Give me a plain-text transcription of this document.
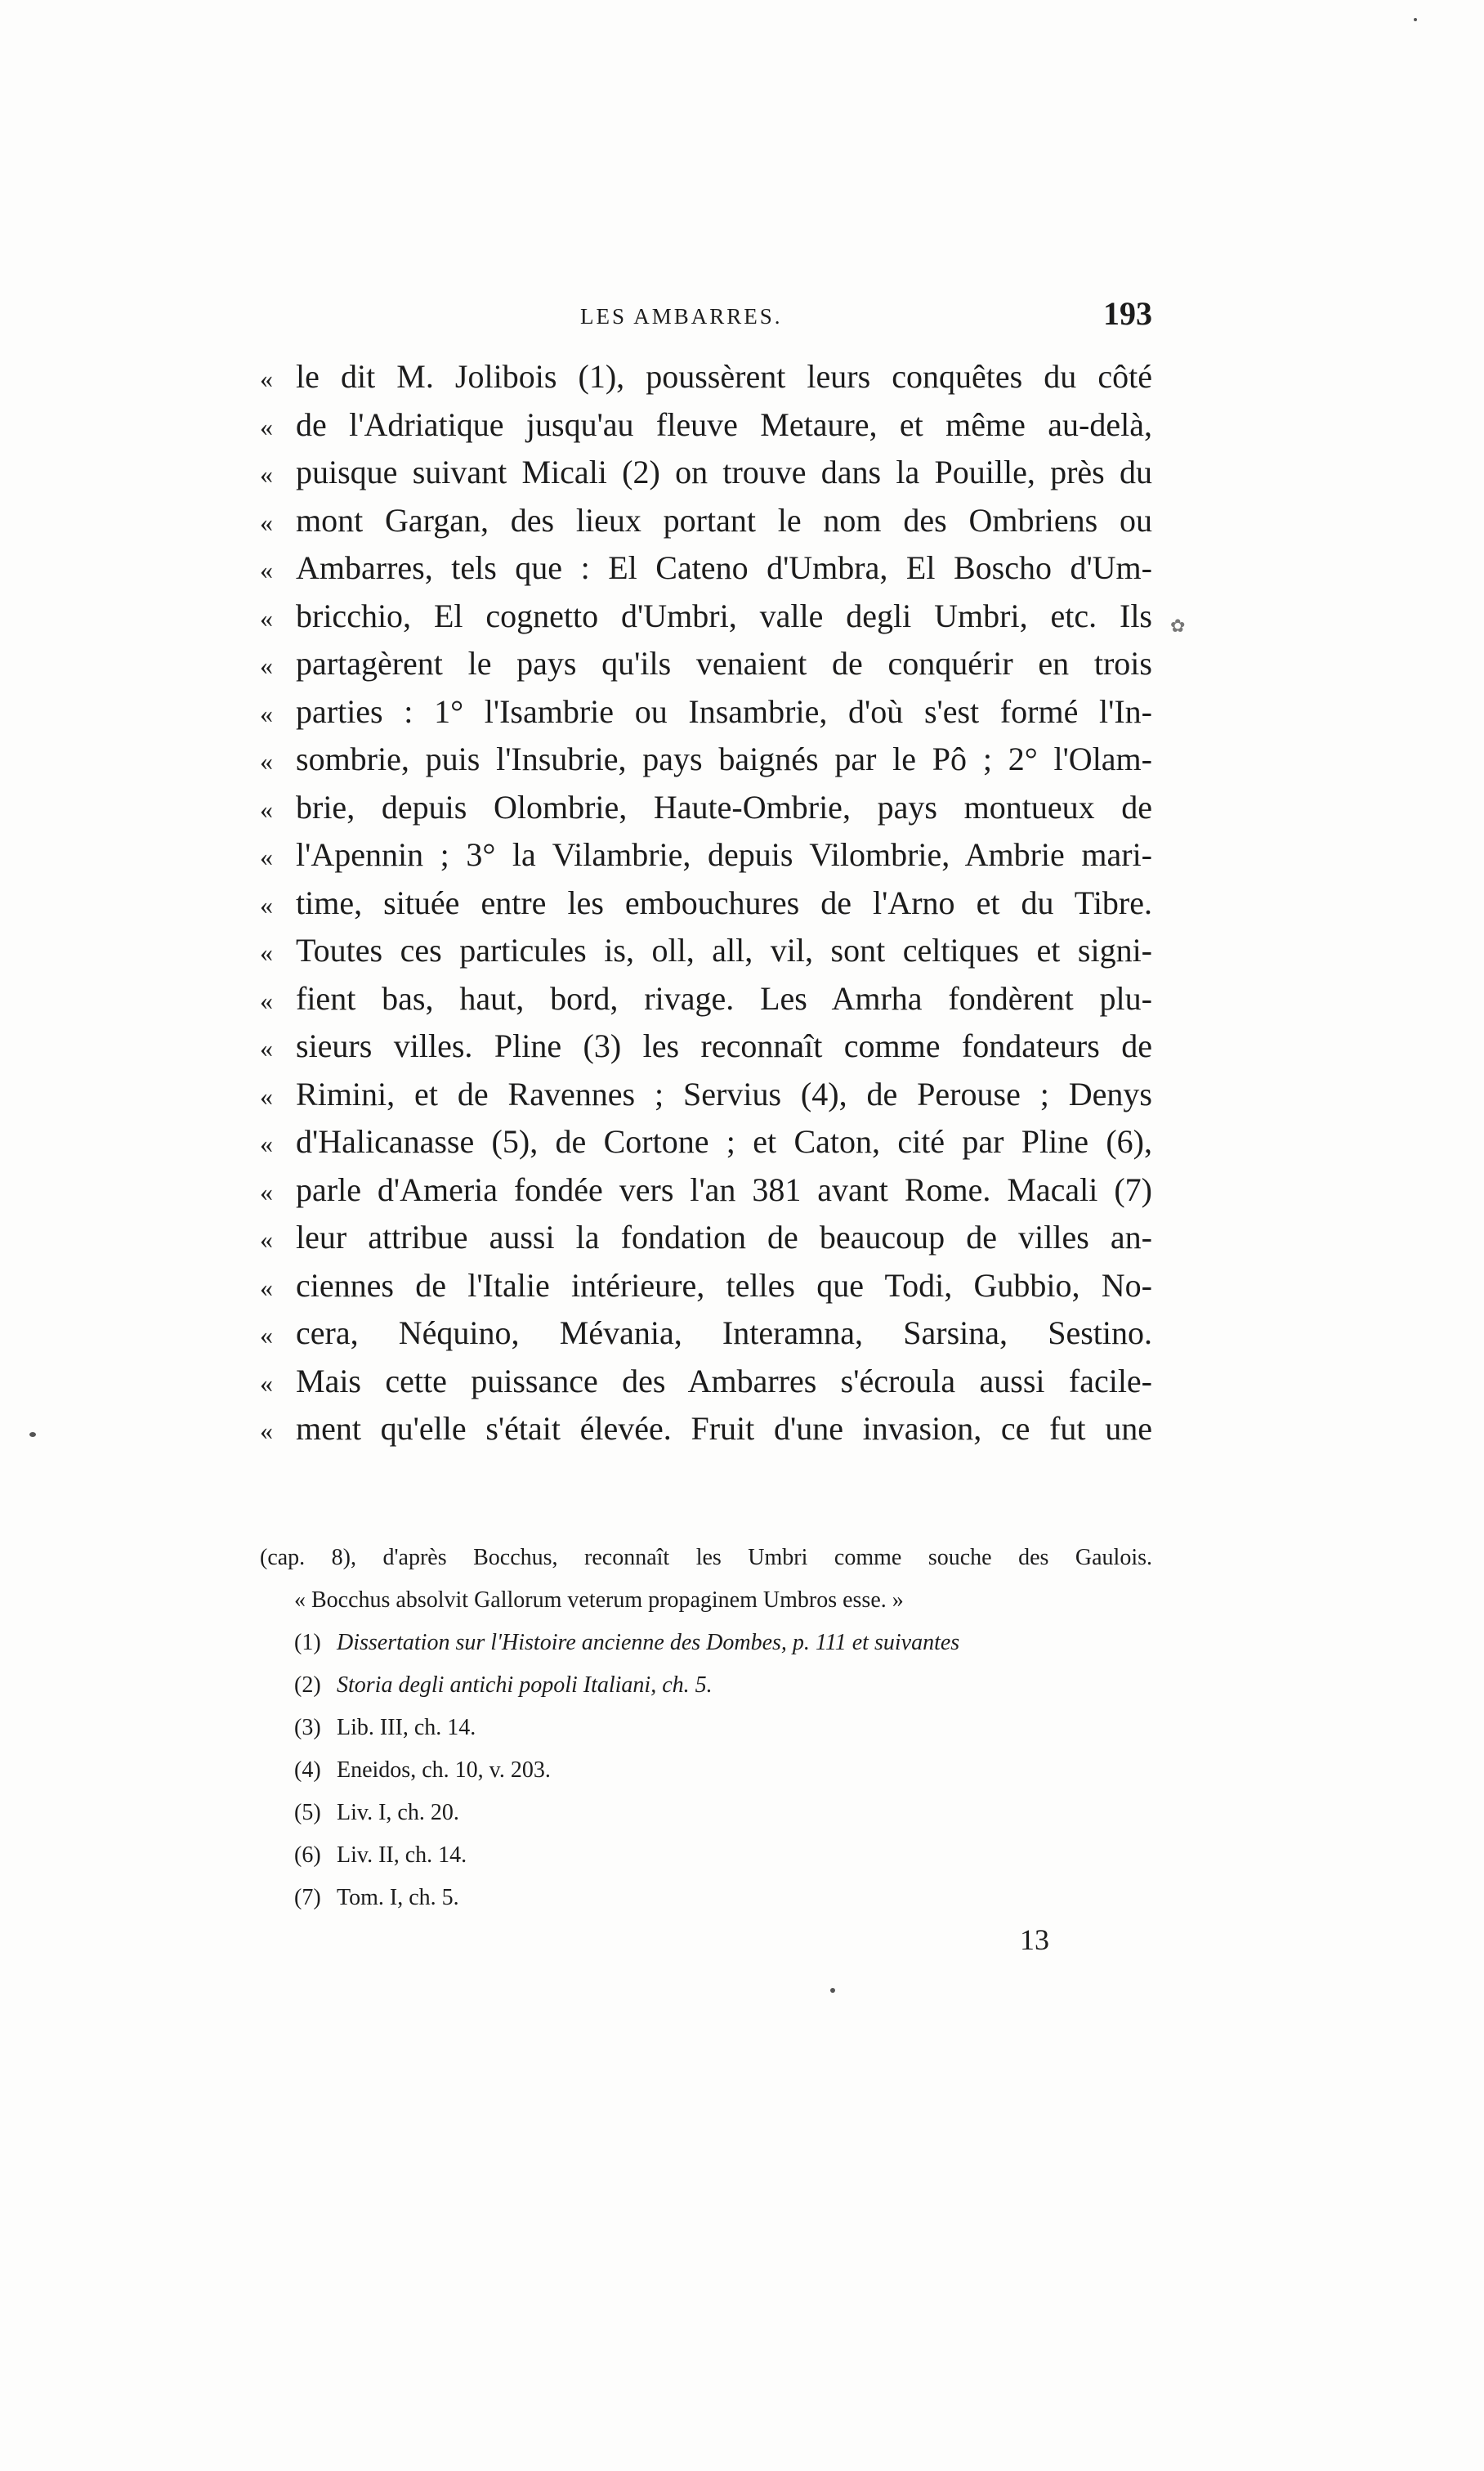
LES AMBARRES.	193
« le dit M. Jolibois (1), poussèrent leurs conquêtes du côté
« de l'Adriatique jusqu'au fleuve Metaure, et même au-delà,
« puisque suivant Micali (2) on trouve dans la Pouille, près du
« mont Gargan, des lieux portant le nom des Ombriens ou
« Ambarres, tels que : El Cateno d'Umbra, El Boscho d'Um-
« bricchio, El cognetto d'Umbri, valle degli Umbri, etc. Ils
« partagèrent le pays qu'ils venaient de conquérir en trois
« parties : 1° l'Isambrie ou Insambrie, d'où s'est formé l'In-
« sombrie, puis l'Insubrie, pays baignés par le Pô ; 2° l'Olam-
« brie, depuis Olombrie, Haute-Ombrie, pays montueux de
« l'Apennin ; 3° la Vilambrie, depuis Vilombrie, Ambrie mari-
« time, située entre les embouchures de l'Arno et du Tibre.
« Toutes ces particules is, oll, all, vil, sont celtiques et signi-
« fient bas, haut, bord, rivage. Les Amrha fondèrent plu-
« sieurs villes. Pline (3) les reconnaît comme fondateurs de
« Rimini, et de Ravennes ; Servius (4), de Perouse ; Denys
« d'Halicanasse (5), de Cortone ; et Caton, cité par Pline (6),
« parle d'Ameria fondée vers l'an 381 avant Rome. Macali (7)
« leur attribue aussi la fondation de beaucoup de villes an-
« ciennes de l'Italie intérieure, telles que Todi, Gubbio, No-
« cera, Néquino, Mévania, Interamna, Sarsina, Sestino.
« Mais cette puissance des Ambarres s'écroula aussi facile-
« ment qu'elle s'était élevée. Fruit d'une invasion, ce fut une
(cap. 8), d'après Bocchus, reconnaît les Umbri comme souche des Gaulois.
« Bocchus absolvit Gallorum veterum propaginem Umbros esse. »
(1) Dissertation sur l'Histoire ancienne des Dombes, p. 111 et suivantes
(2) Storia degli antichi popoli Italiani, ch. 5.
(3) Lib. III, ch. 14.
(4) Eneidos, ch. 10, v. 203.
(5) Liv. I, ch. 20.
(6) Liv. II, ch. 14.
(7) Tom. I, ch. 5.
13
✿
